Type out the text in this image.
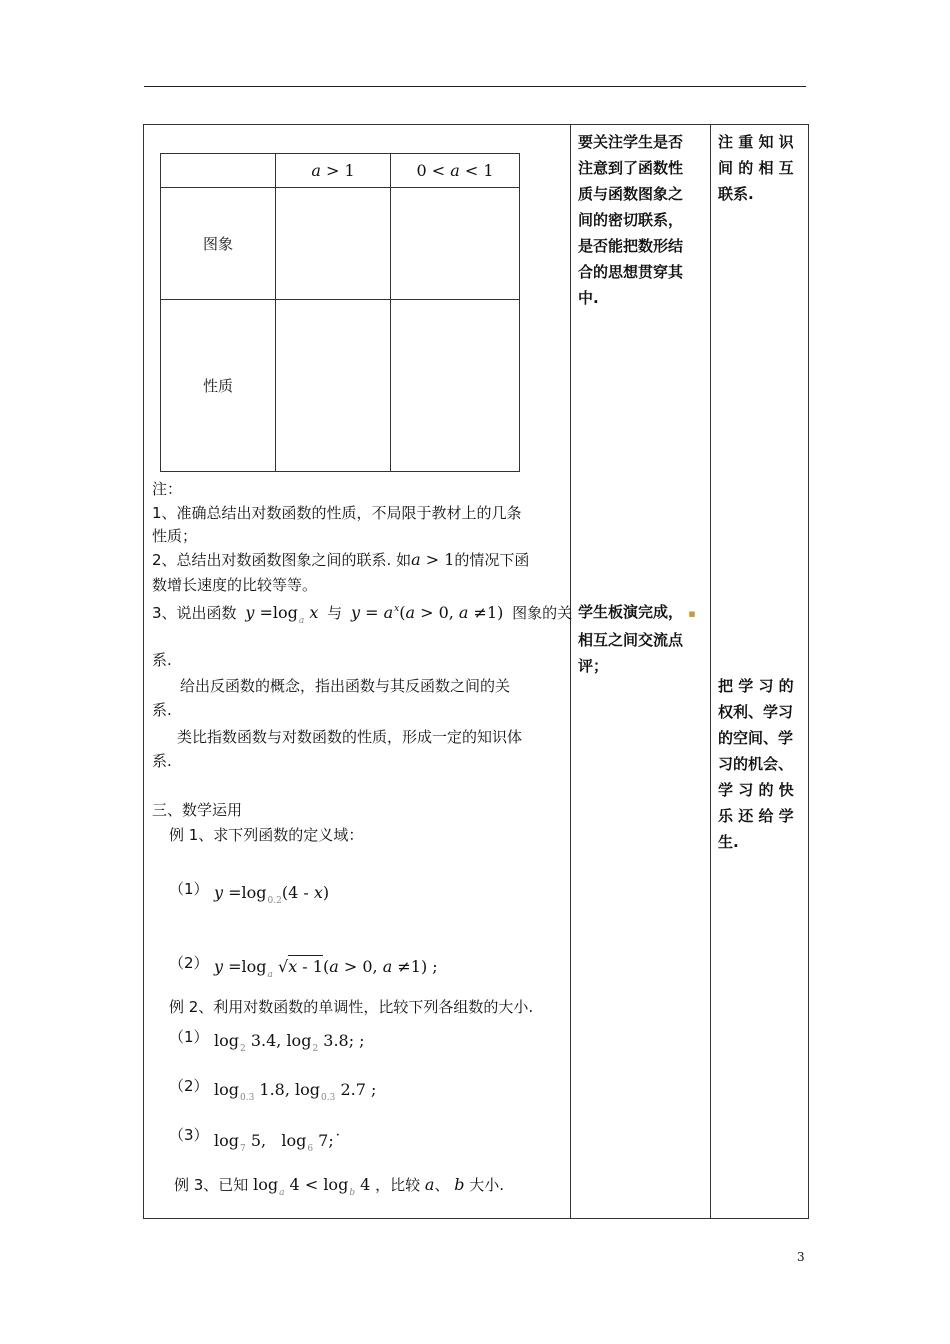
	a > 1	0 < a < 1
图象		
性质		
注：
1、准确总结出对数函数的性质，不局限于教材上的几条
性质；
2、总结出对数函数图象之间的联系. 如a > 1的情况下函
数增长速度的比较等等。
3、说出函数 $y =\log_a$ x 与 $y = a^x(a > 0$, a ≠1) 图象的关
系.
给出反函数的概念，指出函数与其反函数之间的关
系.
类比指数函数与对数函数的性质，形成一定的知识体
系.
三、数学运用
例 1、求下列函数的定义域：
（1） $y =\log_{0.2}(4 - x)$
（2） $y =\log_a$ √x - 1(a > 0, a ≠1) ;
例 2、利用对数函数的单调性，比较下列各组数的大小.
（1） $\log_2 3.4$, $\log_2 3.8$; ;
（2） $\log_{0.3} 1.8$, $\log_{0.3} 2.7$ ;
（3） $\log_7 5$,   $\log_6$ 7;˙
例 3、已知 $\log_a 4 < \log_b 4$ ，比较 a、 b 大小.
要关注学生是否
注意到了函数性
质与函数图象之
间的密切联系，
是否能把数形结
合的思想贯穿其
中.
学生板演完成， ▪
相互之间交流点
评；
注 重 知 识
间 的 相 互
联系.
把 学 习 的
权利、学习
的空间、学
习的机会、
学 习 的 快
乐 还 给 学
生.
3
